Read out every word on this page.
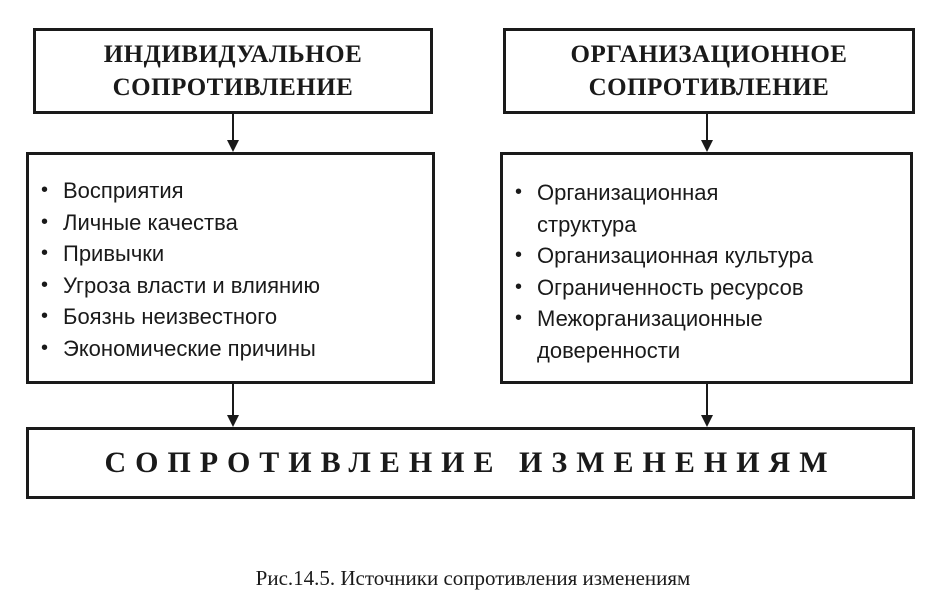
ИНДИВИДУАЛЬНОЕ
СОПРОТИВЛЕНИЕ
ОРГАНИЗАЦИОННОЕ
СОПРОТИВЛЕНИЕ
• Восприятия
• Личные качества
• Привычки
• Угроза власти и влиянию
• Боязнь неизвестного
• Экономические причины
• Организационная
структура
• Организационная культура
• Ограниченность ресурсов
• Межорганизационные
доверенности
СОПРОТИВЛЕНИЕ ИЗМЕНЕНИЯМ
Рис.14.5. Источники сопротивления изменениям
